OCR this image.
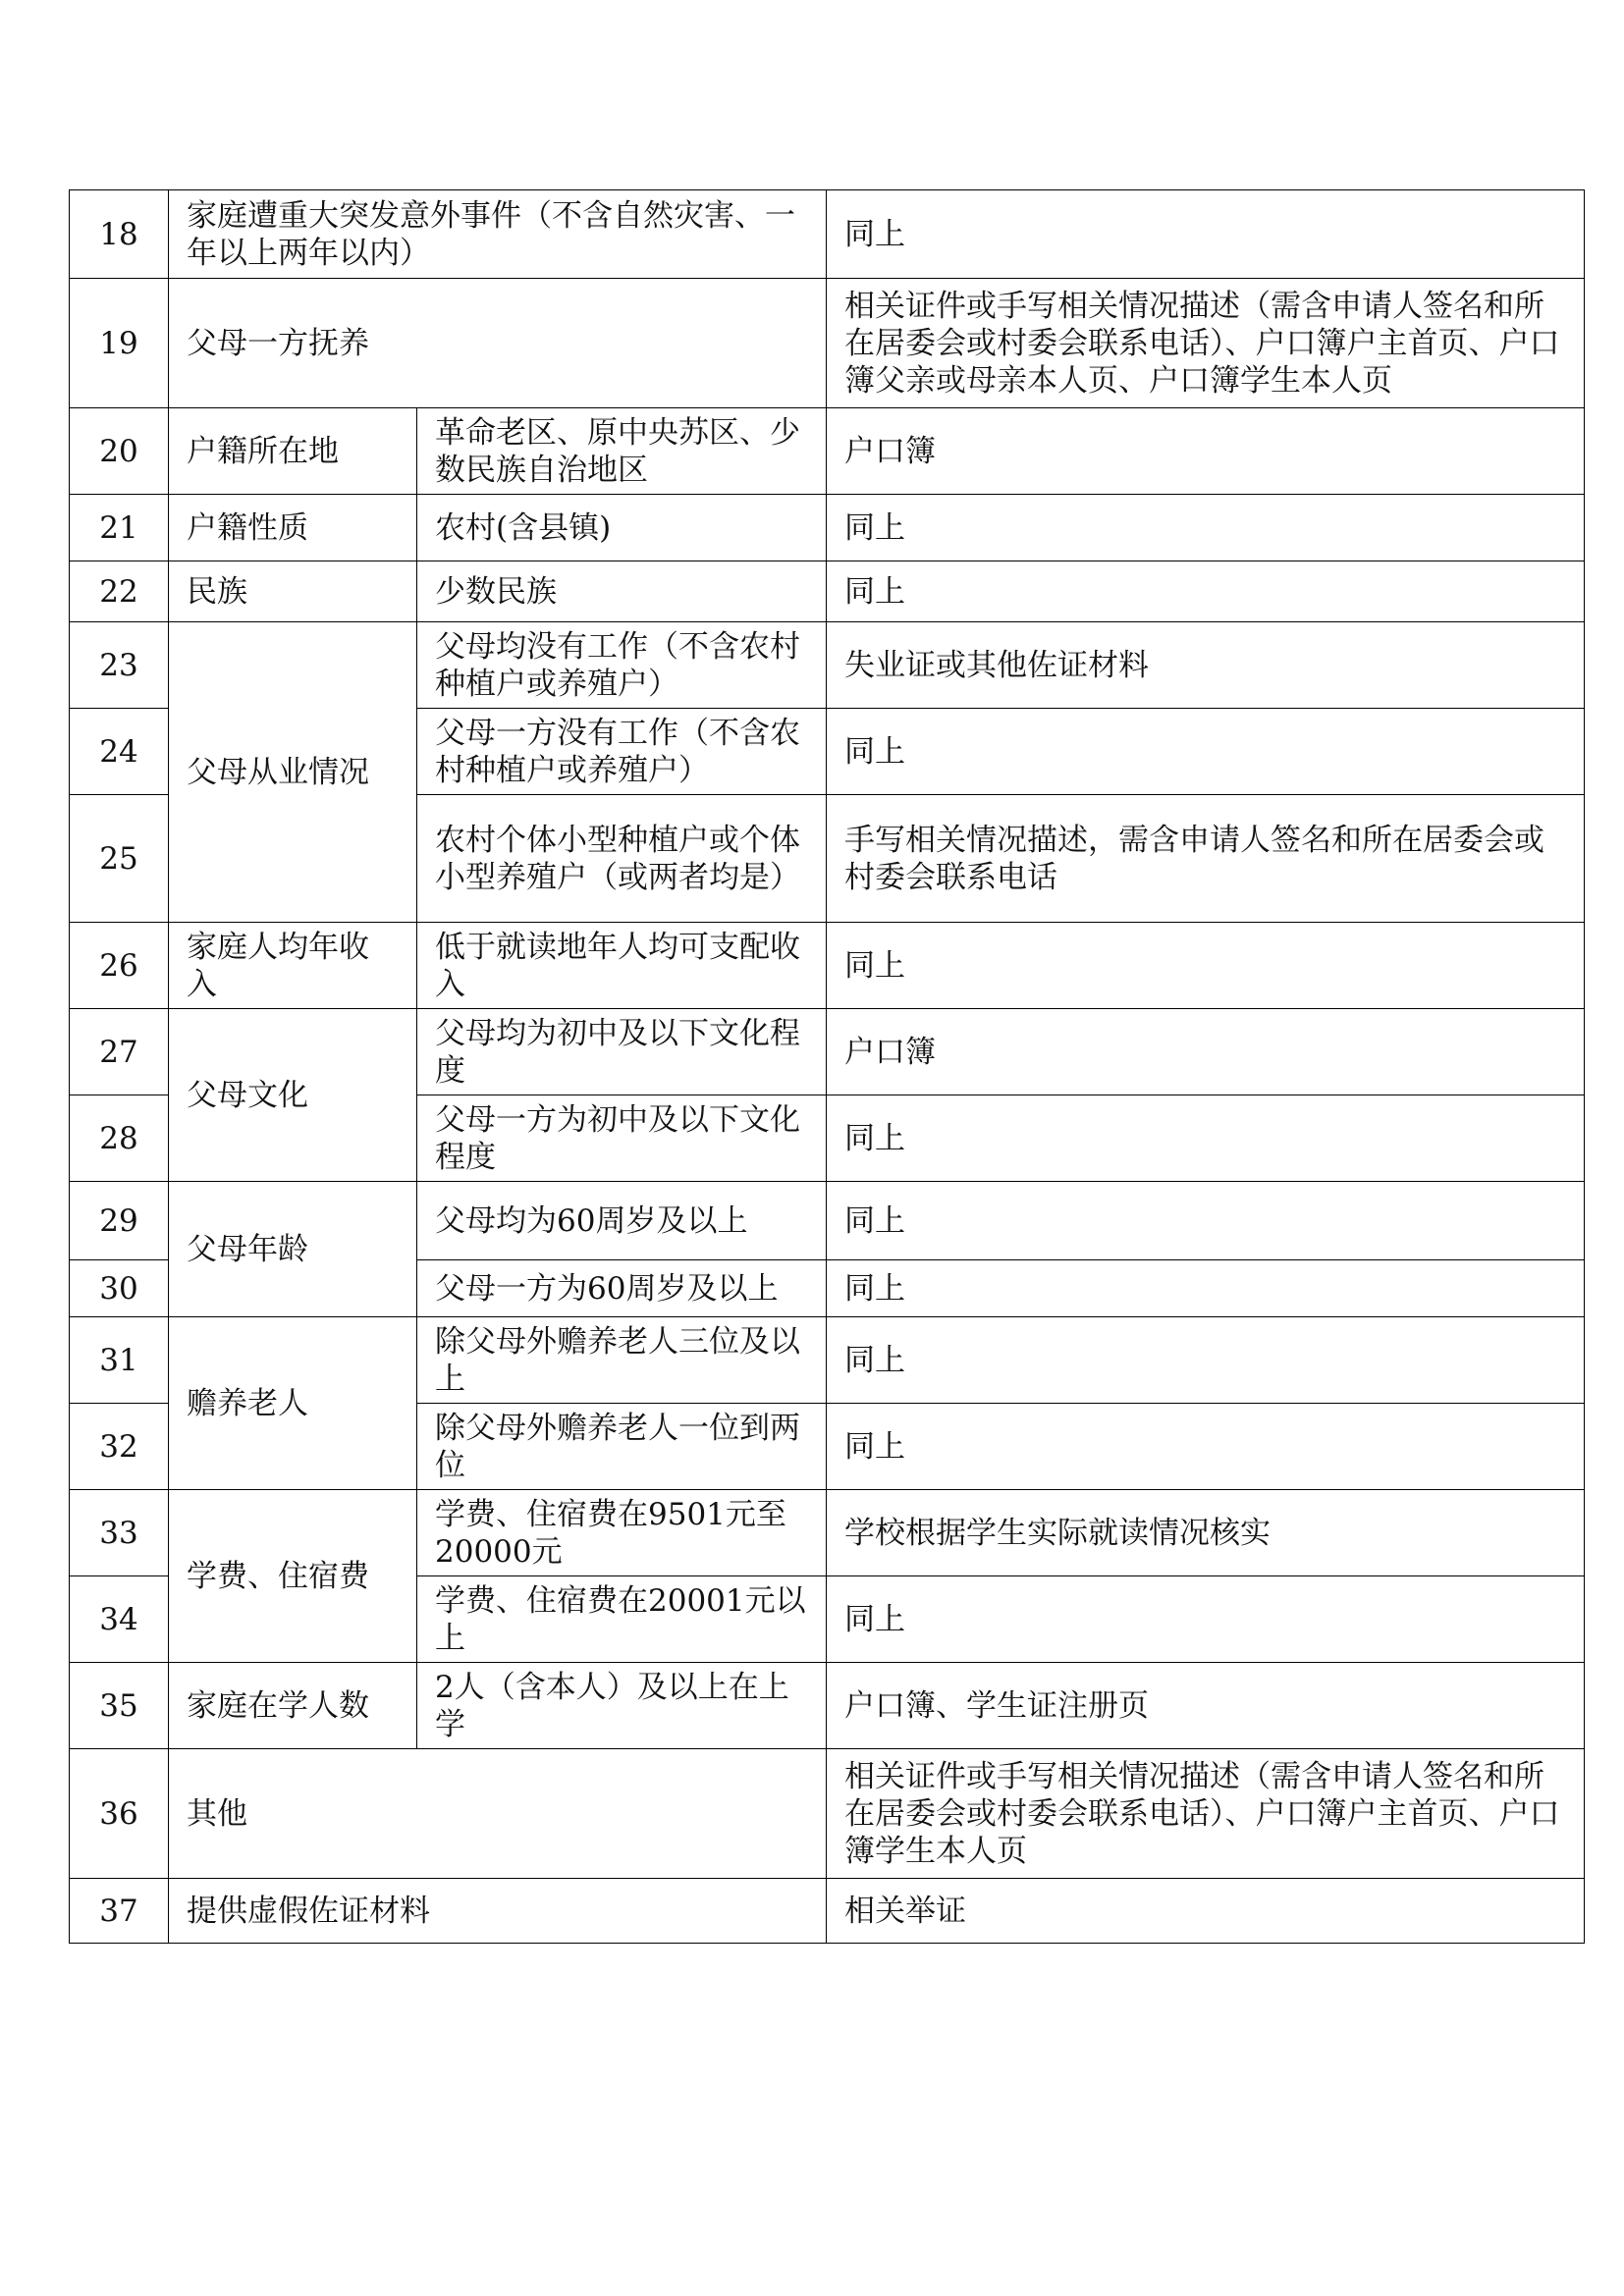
18	家庭遭重大突发意外事件（不含自然灾害、一年以上两年以内）		同上
19	父母一方抚养		相关证件或手写相关情况描述（需含申请人签名和所在居委会或村委会联系电话）、户口簿户主首页、户口簿父亲或母亲本人页、户口簿学生本人页
20	户籍所在地	革命老区、原中央苏区、少数民族自治地区	户口簿
21	户籍性质	农村(含县镇)	同上
22	民族	少数民族	同上
23	父母从业情况	父母均没有工作（不含农村种植户或养殖户）	失业证或其他佐证材料
24		父母一方没有工作（不含农村种植户或养殖户）	同上
25		农村个体小型种植户或个体小型养殖户（或两者均是）	手写相关情况描述，需含申请人签名和所在居委会或村委会联系电话
26	家庭人均年收入	低于就读地年人均可支配收入	同上
27	父母文化	父母均为初中及以下文化程度	户口簿
28		父母一方为初中及以下文化程度	同上
29	父母年龄	父母均为60周岁及以上	同上
30		父母一方为60周岁及以上	同上
31	赡养老人	除父母外赡养老人三位及以上	同上
32		除父母外赡养老人一位到两位	同上
33	学费、住宿费	学费、住宿费在9501元至20000元	学校根据学生实际就读情况核实
34		学费、住宿费在20001元以上	同上
35	家庭在学人数	2人（含本人）及以上在上学	户口簿、学生证注册页
36	其他		相关证件或手写相关情况描述（需含申请人签名和所在居委会或村委会联系电话）、户口簿户主首页、户口簿学生本人页
37	提供虚假佐证材料		相关举证
